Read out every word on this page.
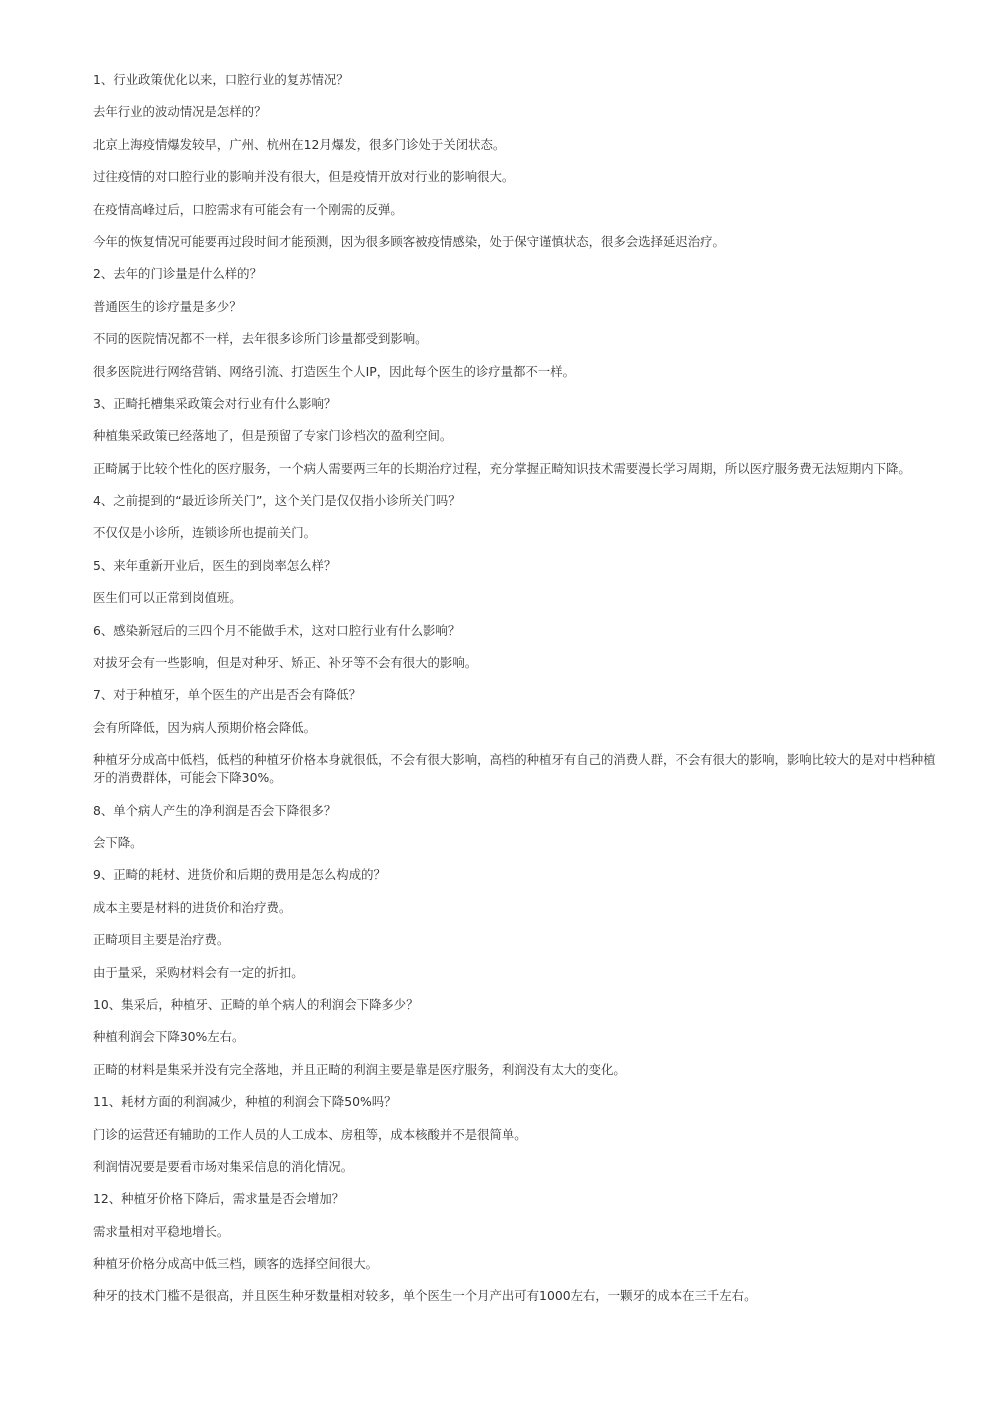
1、行业政策优化以来，口腔行业的复苏情况？

去年行业的波动情况是怎样的？

北京上海疫情爆发较早，广州、杭州在12月爆发，很多门诊处于关闭状态。

过往疫情的对口腔行业的影响并没有很大，但是疫情开放对行业的影响很大。

在疫情高峰过后，口腔需求有可能会有一个刚需的反弹。

今年的恢复情况可能要再过段时间才能预测，因为很多顾客被疫情感染，处于保守谨慎状态，很多会选择延迟治疗。

2、去年的门诊量是什么样的？

普通医生的诊疗量是多少？

不同的医院情况都不一样，去年很多诊所门诊量都受到影响。

很多医院进行网络营销、网络引流、打造医生个人IP，因此每个医生的诊疗量都不一样。

3、正畸托槽集采政策会对行业有什么影响？

种植集采政策已经落地了，但是预留了专家门诊档次的盈利空间。

正畸属于比较个性化的医疗服务，一个病人需要两三年的长期治疗过程，充分掌握正畸知识技术需要漫长学习周期，所以医疗服务费无法短期内下降。

4、之前提到的“最近诊所关门”，这个关门是仅仅指小诊所关门吗？

不仅仅是小诊所，连锁诊所也提前关门。

5、来年重新开业后，医生的到岗率怎么样？

医生们可以正常到岗值班。

6、感染新冠后的三四个月不能做手术，这对口腔行业有什么影响？

对拔牙会有一些影响，但是对种牙、矫正、补牙等不会有很大的影响。

7、对于种植牙，单个医生的产出是否会有降低？

会有所降低，因为病人预期价格会降低。

种植牙分成高中低档，低档的种植牙价格本身就很低，不会有很大影响，高档的种植牙有自己的消费人群，不会有很大的影响，影响比较大的是对中档种植牙的消费群体，可能会下降30%。

8、单个病人产生的净利润是否会下降很多？

会下降。

9、正畸的耗材、进货价和后期的费用是怎么构成的？

成本主要是材料的进货价和治疗费。

正畸项目主要是治疗费。

由于量采，采购材料会有一定的折扣。

10、集采后，种植牙、正畸的单个病人的利润会下降多少？

种植利润会下降30%左右。

正畸的材料是集采并没有完全落地，并且正畸的利润主要是靠是医疗服务，利润没有太大的变化。

11、耗材方面的利润减少，种植的利润会下降50%吗？

门诊的运营还有辅助的工作人员的人工成本、房租等，成本核酸并不是很简单。

利润情况要是要看市场对集采信息的消化情况。

12、种植牙价格下降后，需求量是否会增加？

需求量相对平稳地增长。

种植牙价格分成高中低三档，顾客的选择空间很大。

种牙的技术门槛不是很高，并且医生种牙数量相对较多，单个医生一个月产出可有1000左右，一颗牙的成本在三千左右。
